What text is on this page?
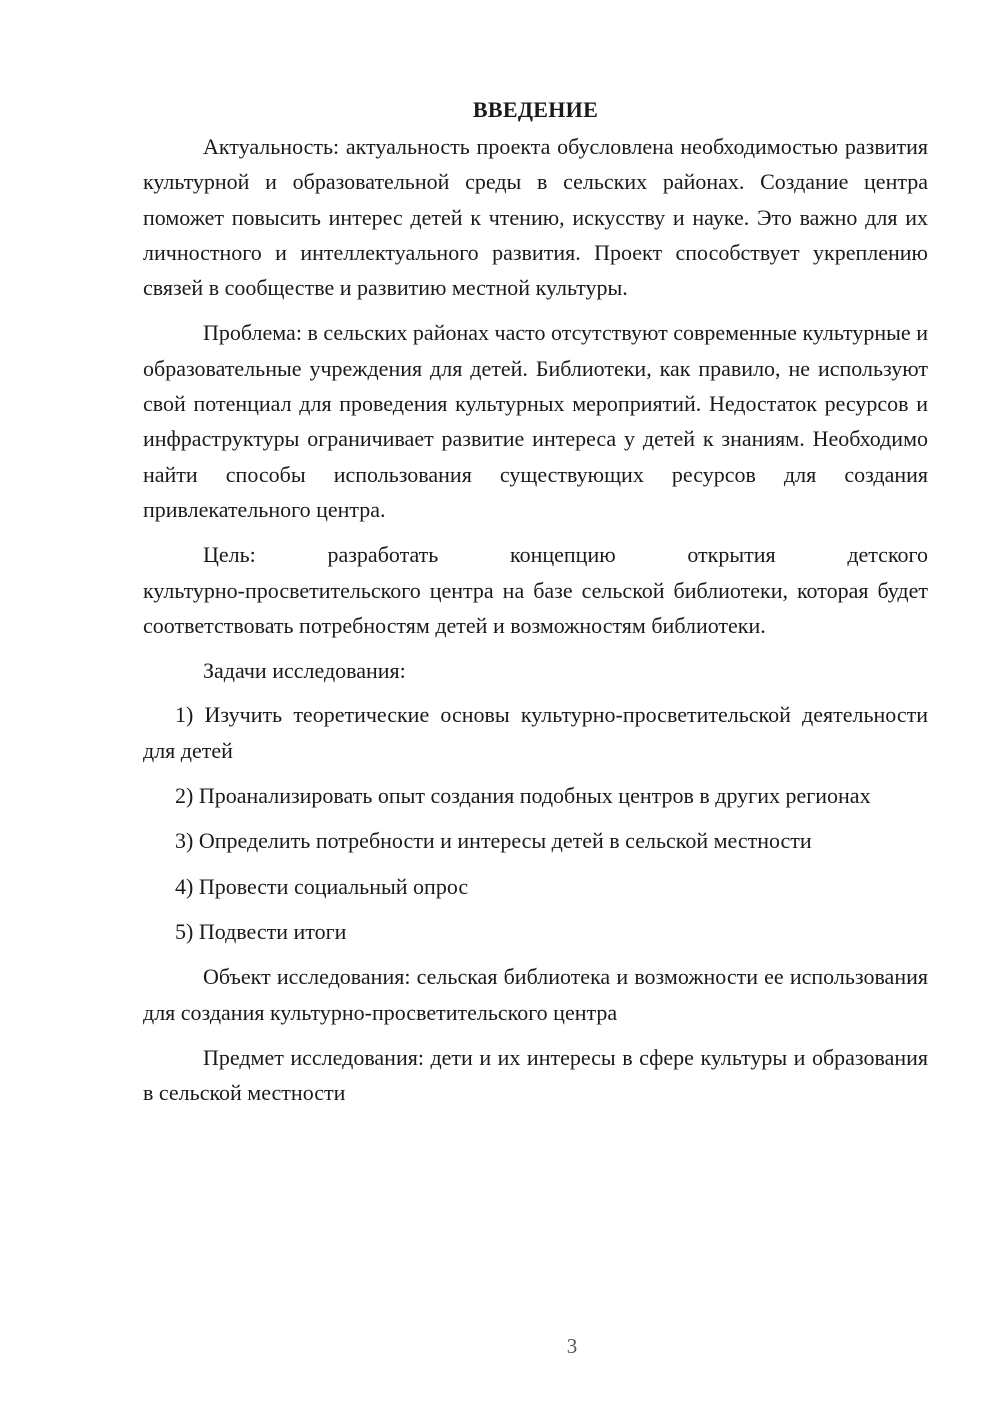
ВВЕДЕНИЕ

Актуальность: актуальность проекта обусловлена необходимостью развития культурной и образовательной среды в сельских районах. Создание центра поможет повысить интерес детей к чтению, искусству и науке. Это важно для их личностного и интеллектуального развития. Проект способствует укреплению связей в сообществе и развитию местной культуры.

Проблема: в сельских районах часто отсутствуют современные культурные и образовательные учреждения для детей. Библиотеки, как правило, не используют свой потенциал для проведения культурных мероприятий. Недостаток ресурсов и инфраструктуры ограничивает развитие интереса у детей к знаниям. Необходимо найти способы использования существующих ресурсов для создания привлекательного центра.

Цель:	разработать	концепцию	открытия	детского

культурно-просветительского центра на базе сельской библиотеки, которая будет соответствовать потребностям детей и возможностям библиотеки.

Задачи исследования:

1) Изучить теоретические основы культурно-просветительской деятельности для детей

2) Проанализировать опыт создания подобных центров в других регионах

3) Определить потребности и интересы детей в сельской местности

4) Провести социальный опрос

5) Подвести итоги

Объект исследования: сельская библиотека и возможности ее использования для создания культурно-просветительского центра

Предмет исследования: дети и их интересы в сфере культуры и образования в сельской местности

3
